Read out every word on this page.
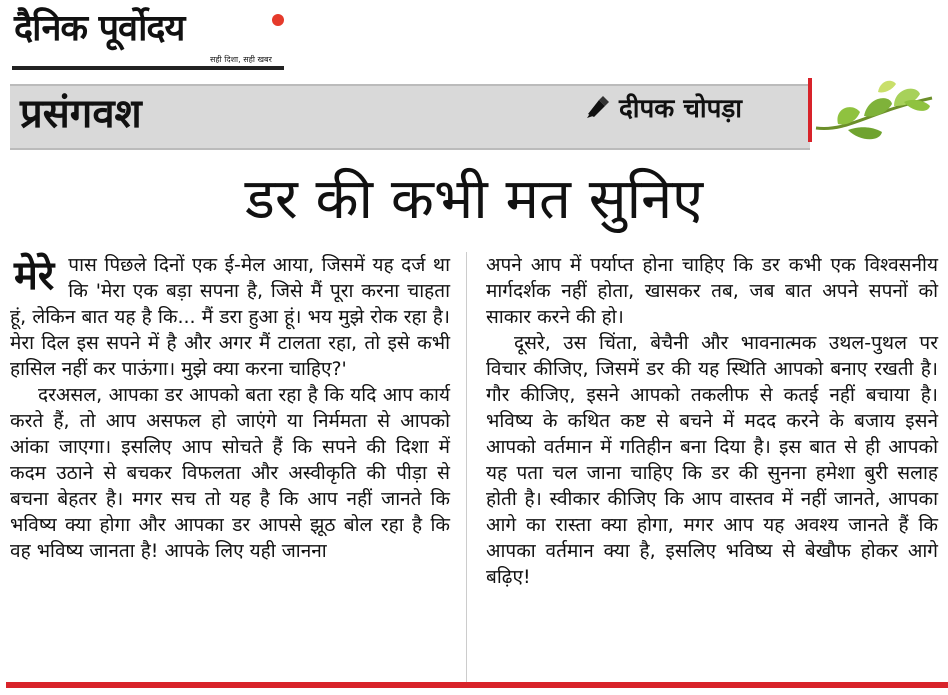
दैनिक पूर्वोदय
सही दिशा, सही खबर
प्रसंगवश	दीपक चोपड़ा
डर की कभी मत सुनिए

मेरे पास पिछले दिनों एक ई-मेल आया, जिसमें यह दर्ज था कि 'मेरा एक बड़ा सपना है, जिसे मैं पूरा करना चाहता हूं, लेकिन बात यह है कि... मैं डरा हुआ हूं। भय मुझे रोक रहा है। मेरा दिल इस सपने में है और अगर मैं टालता रहा, तो इसे कभी हासिल नहीं कर पाऊंगा। मुझे क्या करना चाहिए?'

दरअसल, आपका डर आपको बता रहा है कि यदि आप कार्य करते हैं, तो आप असफल हो जाएंगे या निर्ममता से आपको आंका जाएगा। इसलिए आप सोचते हैं कि सपने की दिशा में कदम उठाने से बचकर विफलता और अस्वीकृति की पीड़ा से बचना बेहतर है। मगर सच तो यह है कि आप नहीं जानते कि भविष्य क्या होगा और आपका डर आपसे झूठ बोल रहा है कि वह भविष्य जानता है! आपके लिए यही जानना

अपने आप में पर्याप्त होना चाहिए कि डर कभी एक विश्वसनीय मार्गदर्शक नहीं होता, खासकर तब, जब बात अपने सपनों को साकार करने की हो।

दूसरे, उस चिंता, बेचैनी और भावनात्मक उथल-पुथल पर विचार कीजिए, जिसमें डर की यह स्थिति आपको बनाए रखती है। गौर कीजिए, इसने आपको तकलीफ से कतई नहीं बचाया है। भविष्य के कथित कष्ट से बचने में मदद करने के बजाय इसने आपको वर्तमान में गतिहीन बना दिया है। इस बात से ही आपको यह पता चल जाना चाहिए कि डर की सुनना हमेशा बुरी सलाह होती है। स्वीकार कीजिए कि आप वास्तव में नहीं जानते, आपका आगे का रास्ता क्या होगा, मगर आप यह अवश्य जानते हैं कि आपका वर्तमान क्या है, इसलिए भविष्य से बेखौफ होकर आगे बढ़िए!
